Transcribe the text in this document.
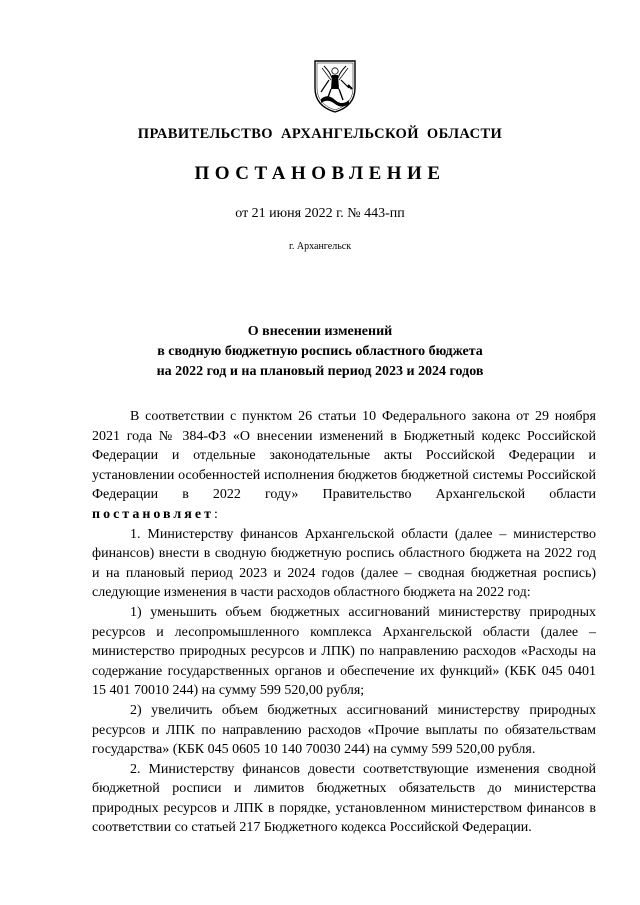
ПРАВИТЕЛЬСТВО АРХАНГЕЛЬСКОЙ ОБЛАСТИ
ПОСТАНОВЛЕНИЕ
от 21 июня 2022 г. № 443-пп
г. Архангельск
О внесении изменений
в сводную бюджетную роспись областного бюджета
на 2022 год и на плановый период 2023 и 2024 годов

В соответствии с пунктом 26 статьи 10 Федерального закона от 29 ноября 2021 года № 384-ФЗ «О внесении изменений в Бюджетный кодекс Российской Федерации и отдельные законодательные акты Российской Федерации и установлении особенностей исполнения бюджетов бюджетной системы Российской Федерации в 2022 году» Правительство Архангельской области постановляет:

1. Министерству финансов Архангельской области (далее – министерство финансов) внести в сводную бюджетную роспись областного бюджета на 2022 год и на плановый период 2023 и 2024 годов (далее – сводная бюджетная роспись) следующие изменения в части расходов областного бюджета на 2022 год:

1) уменьшить объем бюджетных ассигнований министерству природных ресурсов и лесопромышленного комплекса Архангельской области (далее – министерство природных ресурсов и ЛПК) по направлению расходов «Расходы на содержание государственных органов и обеспечение их функций» (КБК 045 0401 15 401 70010 244) на сумму 599 520,00 рубля;

2) увеличить объем бюджетных ассигнований министерству природных ресурсов и ЛПК по направлению расходов «Прочие выплаты по обязательствам государства» (КБК 045 0605 10 140 70030 244) на сумму 599 520,00 рубля.

2. Министерству финансов довести соответствующие изменения сводной бюджетной росписи и лимитов бюджетных обязательств до министерства природных ресурсов и ЛПК в порядке, установленном министерством финансов в соответствии со статьей 217 Бюджетного кодекса Российской Федерации.
